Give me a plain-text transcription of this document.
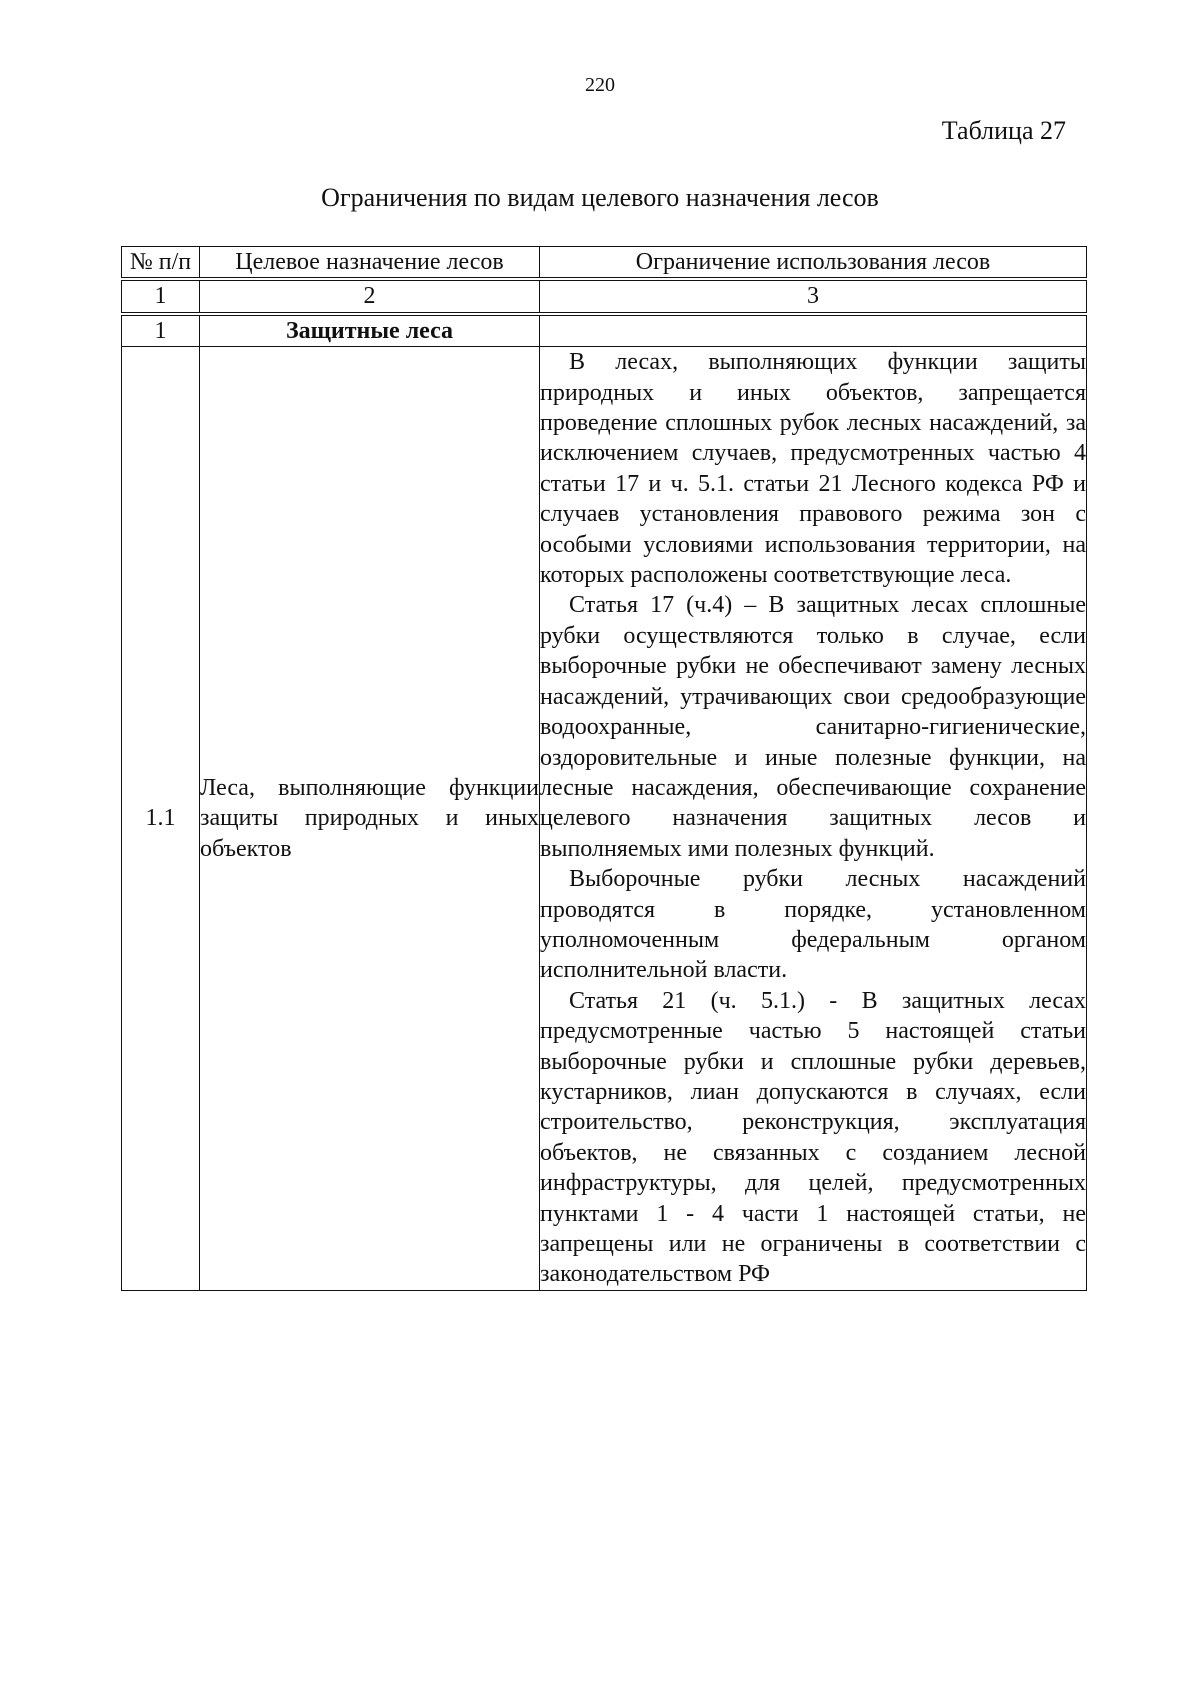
220
Таблица 27
Ограничения по видам целевого назначения лесов
№ п/п	Целевое назначение лесов	Ограничение использования лесов
1	2	3
1	Защитные леса	
1.1	Леса, выполняющие функции защиты природных и иных объектов	В лесах, выполняющих функции защиты природных и иных объектов, запрещается проведение сплошных рубок лесных насаждений, за исключением случаев, предусмотренных частью 4 статьи 17 и ч. 5.1. статьи 21 Лесного кодекса РФ и случаев установления правового режима зон с особыми условиями использования территории, на которых расположены соответствующие леса.

Статья 17 (ч.4) – В защитных лесах сплошные рубки осуществляются только в случае, если выборочные рубки не обеспечивают замену лесных насаждений, утрачивающих свои средообразующие водоохранные, санитарно-гигиенические, оздоровительные и иные полезные функции, на лесные насаждения, обеспечивающие сохранение целевого назначения защитных лесов и выполняемых ими полезных функций.

Выборочные рубки лесных насаждений проводятся в порядке, установленном уполномоченным федеральным органом исполнительной власти.

Статья 21 (ч. 5.1.) - В защитных лесах предусмотренные частью 5 настоящей статьи выборочные рубки и сплошные рубки деревьев, кустарников, лиан допускаются в случаях, если строительство, реконструкция, эксплуатация объектов, не связанных с созданием лесной инфраструктуры, для целей, предусмотренных пунктами 1 - 4 части 1 настоящей статьи, не запрещены или не ограничены в соответствии с законодательством РФ
